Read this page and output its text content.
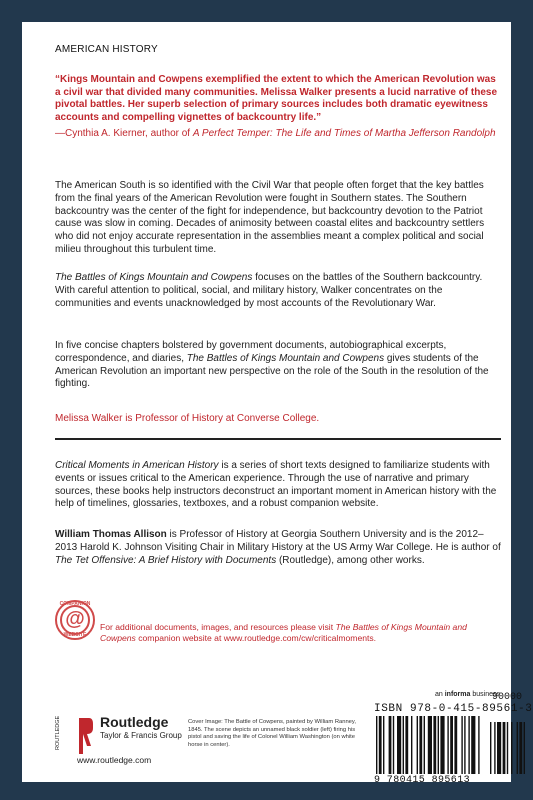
AMERICAN HISTORY
“Kings Mountain and Cowpens exemplified the extent to which the American Revolution was a civil war that divided many communities. Melissa Walker presents a lucid narrative of these pivotal battles. Her superb selection of primary sources includes both dramatic eyewitness accounts and compelling vignettes of backcountry life.”
—Cynthia A. Kierner, author of A Perfect Temper: The Life and Times of Martha Jefferson Randolph
The American South is so identified with the Civil War that people often forget that the key battles from the final years of the American Revolution were fought in Southern states. The Southern backcountry was the center of the fight for independence, but backcountry devotion to the Patriot cause was slow in coming. Decades of animosity between coastal elites and backcountry settlers who did not enjoy accurate representation in the assemblies meant a complex political and social milieu throughout this turbulent time.
The Battles of Kings Mountain and Cowpens focuses on the battles of the Southern backcountry. With careful attention to political, social, and military history, Walker concentrates on the communities and events unacknowledged by most accounts of the Revolutionary War.
In five concise chapters bolstered by government documents, autobiographical excerpts, correspondence, and diaries, The Battles of Kings Mountain and Cowpens gives students of the American Revolution an important new perspective on the role of the South in the resolution of the fighting.
Melissa Walker is Professor of History at Converse College.
Critical Moments in American History is a series of short texts designed to familiarize students with events or issues critical to the American experience. Through the use of narrative and primary sources, these books help instructors deconstruct an important moment in American history with the help of timelines, glossaries, textboxes, and a robust companion website.
William Thomas Allison is Professor of History at Georgia Southern University and is the 2012–2013 Harold K. Johnson Visiting Chair in Military History at the US Army War College. He is author of The Tet Offensive: A Brief History with Documents (Routledge), among other works.
COMPANION
@
WEBSITE
For additional documents, images, and resources please visit The Battles of Kings Mountain and Cowpens companion website at www.routledge.com/cw/criticalmoments.
ROUTLEDGE	Routledge
Taylor & Francis Group
www.routledge.com
Cover Image: The Battle of Cowpens, painted by William Ranney, 1845. The scene depicts an unnamed black soldier (left) firing his pistol and saving the life of Colonel William Washington (on white horse in center).
an informa business
ISBN 978-0-415-89561-3
9 780415 895613
90000
